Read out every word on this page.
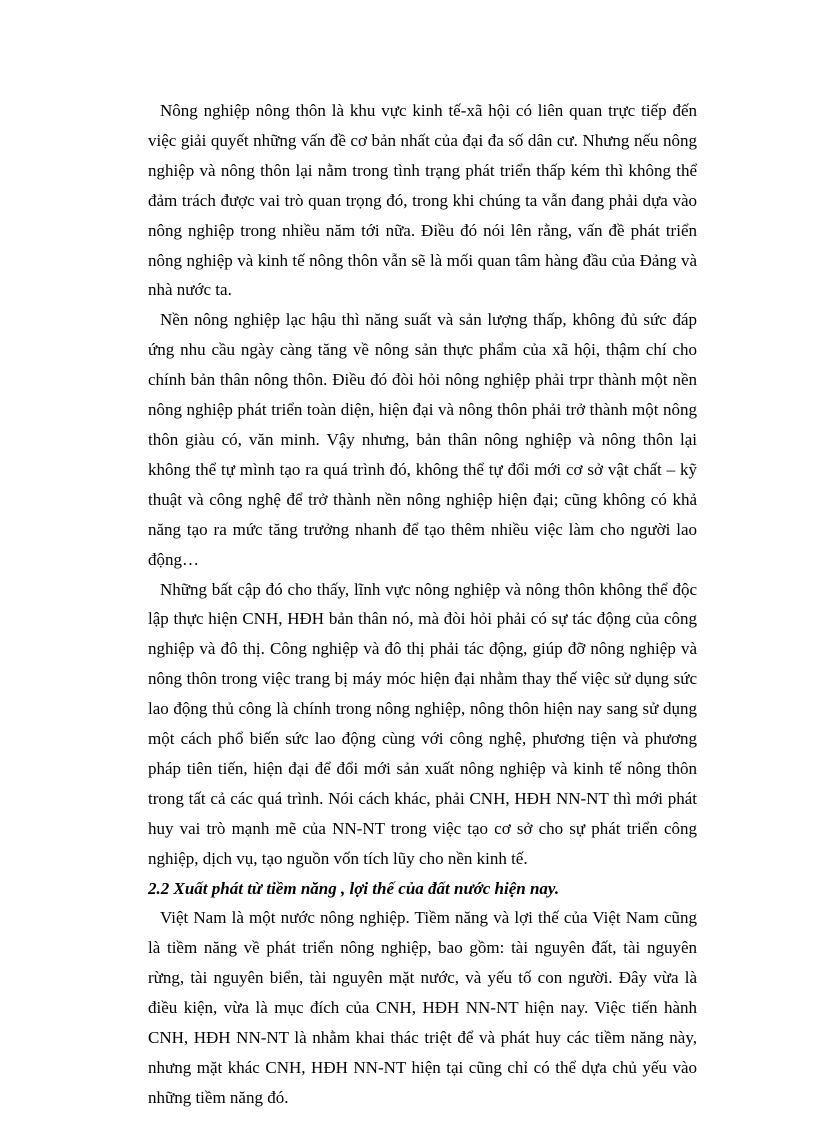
Nông nghiệp nông thôn là khu vực kinh tế-xã hội có liên quan trực tiếp đến việc giải quyết những vấn đề cơ bản nhất của đại đa số dân cư. Nhưng nếu nông nghiệp và nông thôn lại nằm trong tình trạng phát triển thấp kém thì không thể đảm trách được vai trò quan trọng đó, trong khi chúng ta vẫn đang phải dựa vào nông nghiệp trong nhiều năm tới nữa. Điều đó nói lên rằng, vấn đề phát triển nông nghiệp và kinh tế nông thôn vẫn sẽ là mối quan tâm hàng đầu của Đảng và nhà nước ta.

Nền nông nghiệp lạc hậu thì năng suất và sản lượng thấp, không đủ sức đáp ứng nhu cầu ngày càng tăng về nông sản thực phẩm của xã hội, thậm chí cho chính bản thân nông thôn. Điều đó đòi hỏi nông nghiệp phải trpr thành một nền nông nghiệp phát triển toàn diện, hiện đại và nông thôn phải trở thành một nông thôn giàu có, văn minh. Vậy nhưng, bản thân nông nghiệp và nông thôn lại không thể tự mình tạo ra quá trình đó, không thể tự đổi mới cơ sở vật chất – kỹ thuật và công nghệ để trở thành nền nông nghiệp hiện đại; cũng không có khả năng tạo ra mức tăng trưởng nhanh để tạo thêm nhiều việc làm cho người lao động…

Những bất cập đó cho thấy, lĩnh vực nông nghiệp và nông thôn không thể độc lập thực hiện CNH, HĐH bản thân nó, mà đòi hỏi phải có sự tác động của công nghiệp và đô thị. Công nghiệp và đô thị phải tác động, giúp đỡ nông nghiệp và nông thôn trong việc trang bị máy móc hiện đại nhằm thay thế việc sử dụng sức lao động thủ công là chính trong nông nghiệp, nông thôn hiện nay sang sử dụng một cách phổ biến sức lao động cùng với công nghệ, phương tiện và phương pháp tiên tiến, hiện đại để đổi mới sản xuất nông nghiệp và kinh tế nông thôn trong tất cả các quá trình. Nói cách khác, phải CNH, HĐH NN-NT thì mới phát huy vai trò mạnh mẽ của NN-NT trong việc tạo cơ sở cho sự phát triển công nghiệp, dịch vụ, tạo nguồn vốn tích lũy cho nền kinh tế.

2.2 Xuất phát từ tiềm năng , lợi thế của đất nước hiện nay.

Việt Nam là một nước nông nghiệp. Tiềm năng và lợi thế của Việt Nam cũng là tiềm năng về phát triển nông nghiệp, bao gồm: tài nguyên đất, tài nguyên rừng, tài nguyên biển, tài nguyên mặt nước, và yếu tố con người. Đây vừa là điều kiện, vừa là mục đích của CNH, HĐH NN-NT hiện nay. Việc tiến hành CNH, HĐH NN-NT là nhằm khai thác triệt để và phát huy các tiềm năng này, nhưng mặt khác CNH, HĐH NN-NT hiện tại cũng chỉ có thể dựa chủ yếu vào những tiềm năng đó.
